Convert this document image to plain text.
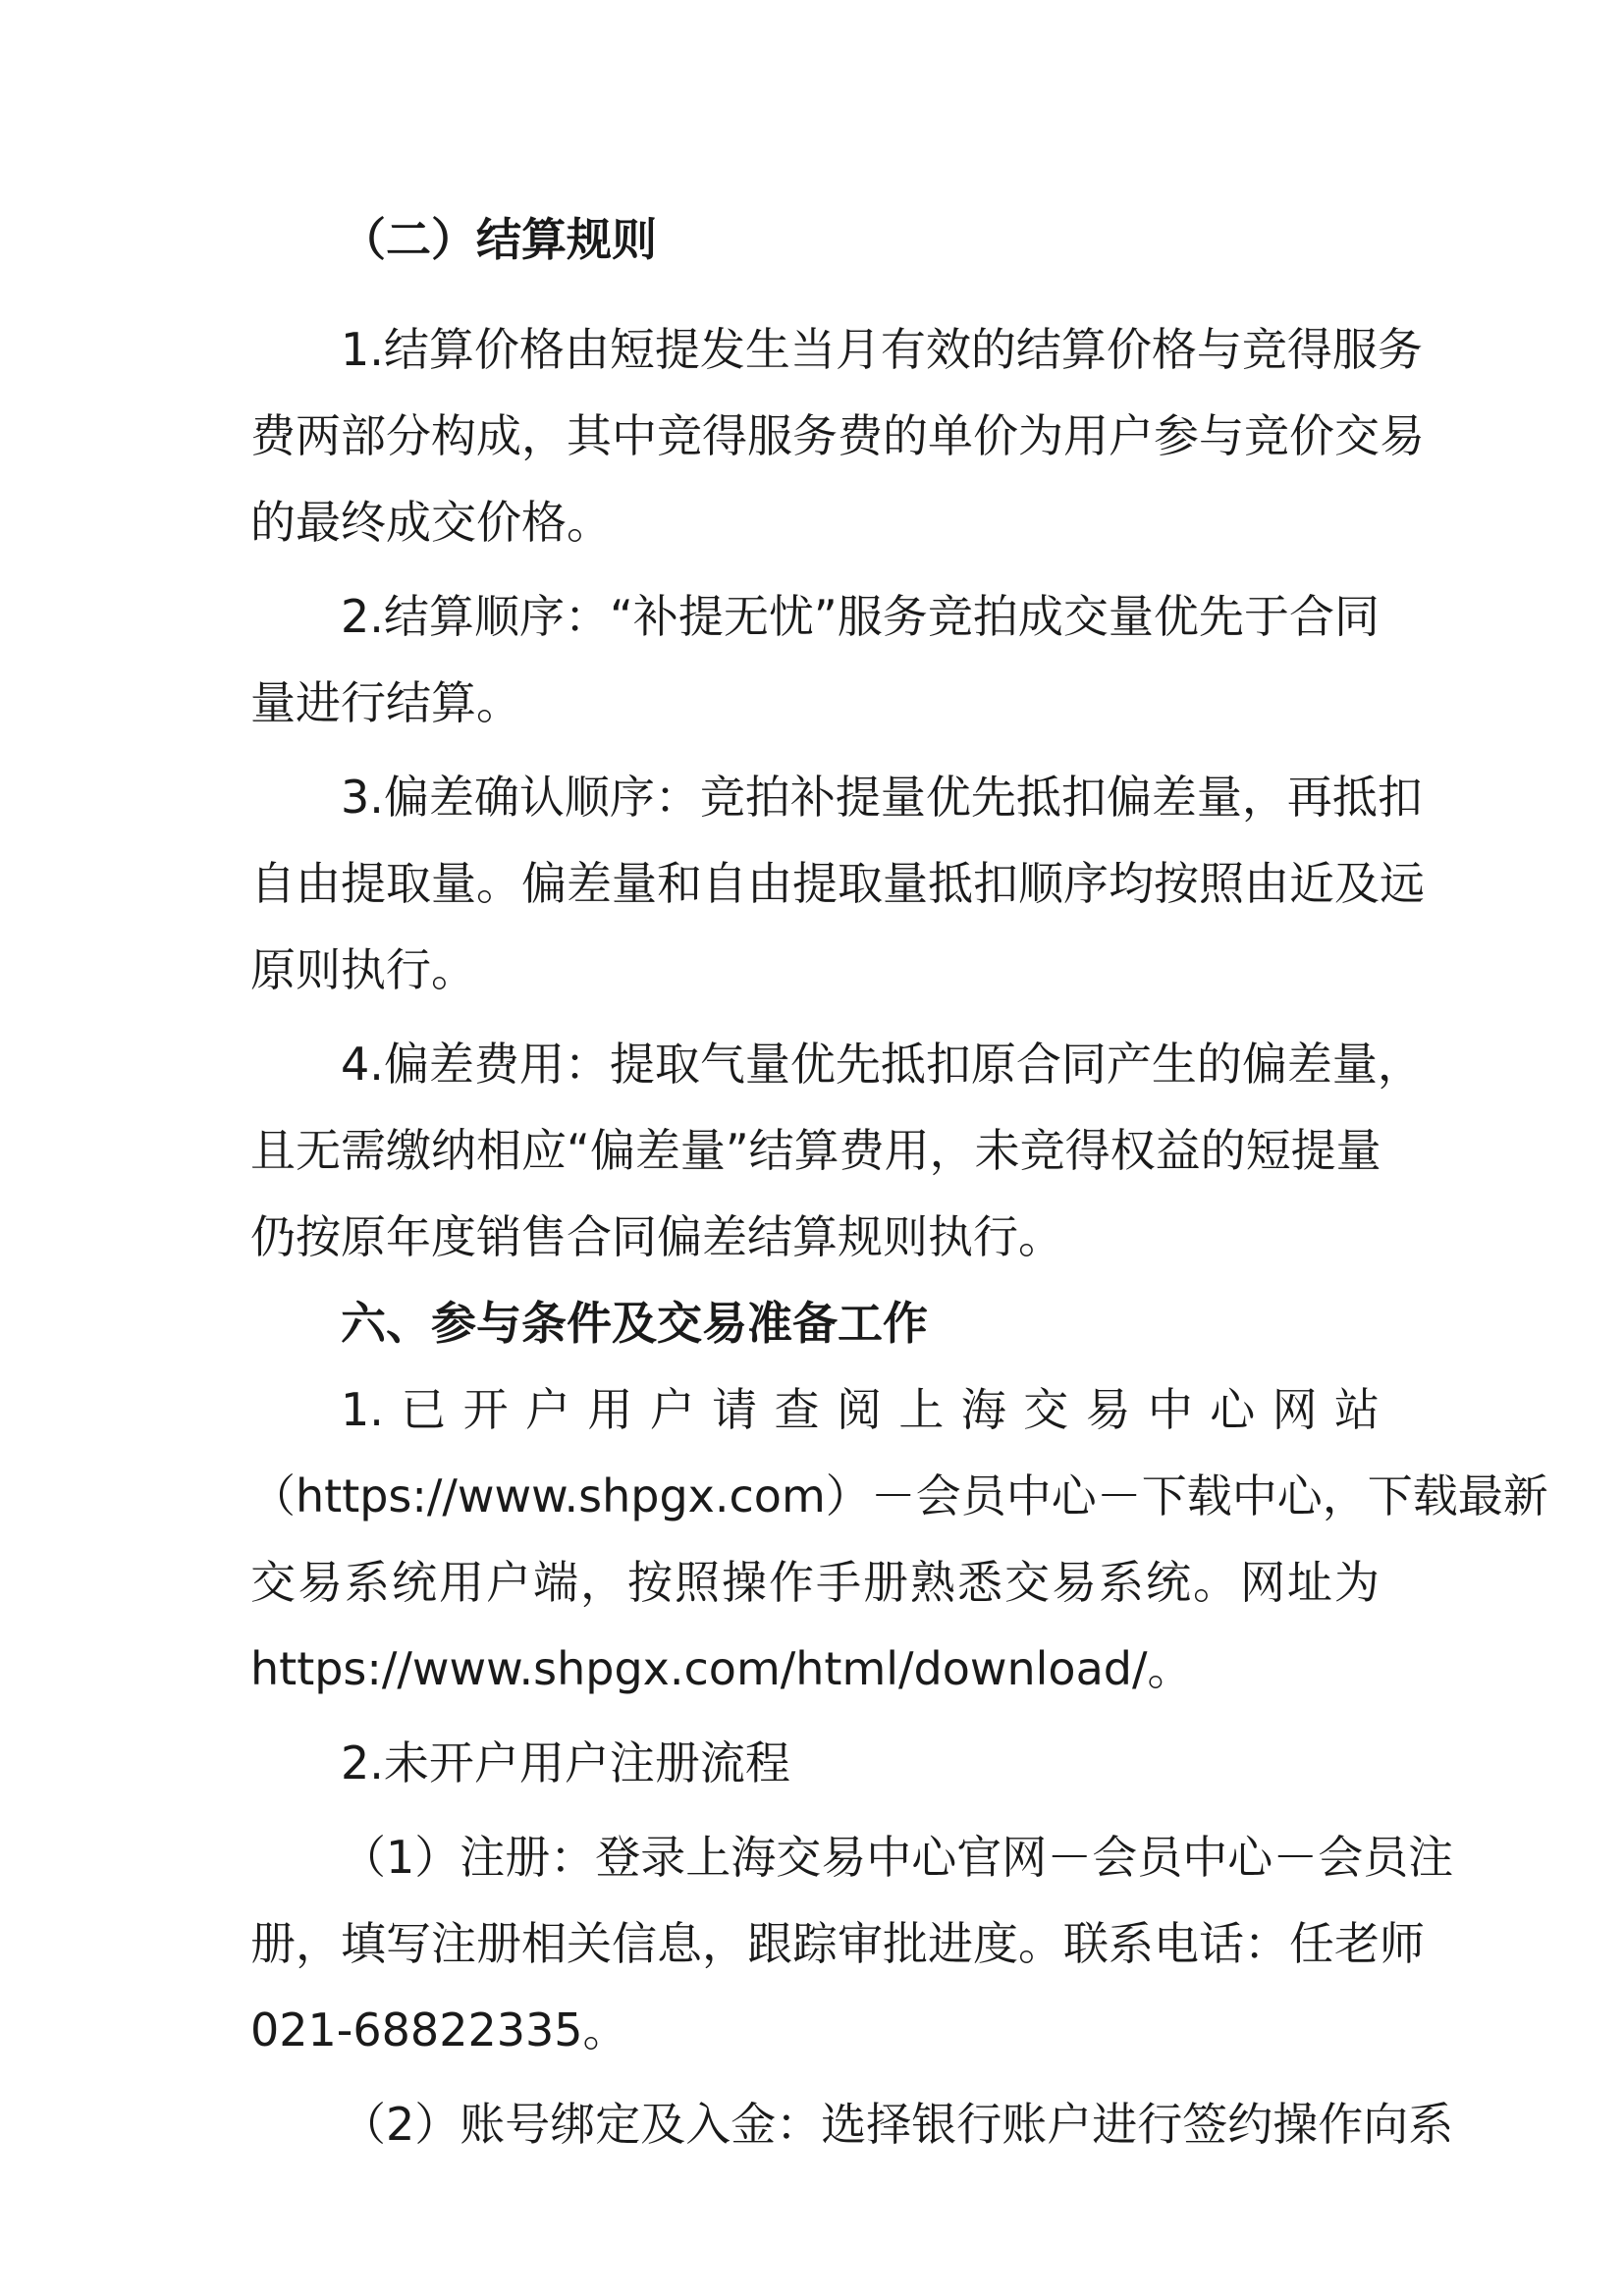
（二）结算规则
1.结算价格由短提发生当月有效的结算价格与竞得服务
费两部分构成，其中竞得服务费的单价为用户参与竞价交易
的最终成交价格。
2.结算顺序：“补提无忧”服务竞拍成交量优先于合同
量进行结算。
3.偏差确认顺序：竞拍补提量优先抵扣偏差量，再抵扣
自由提取量。偏差量和自由提取量抵扣顺序均按照由近及远
原则执行。
4.偏差费用：提取气量优先抵扣原合同产生的偏差量，
且无需缴纳相应“偏差量”结算费用，未竞得权益的短提量
仍按原年度销售合同偏差结算规则执行。
六、参与条件及交易准备工作
1.已开户用户请查阅上海交易中心网站
（https://www.shpgx.com）－会员中心－下载中心，下载最新
交易系统用户端，按照操作手册熟悉交易系统。网址为
https://www.shpgx.com/html/download/。
2.未开户用户注册流程
（1）注册：登录上海交易中心官网－会员中心－会员注
册，填写注册相关信息，跟踪审批进度。联系电话：任老师
021-68822335。
（2）账号绑定及入金：选择银行账户进行签约操作向系
